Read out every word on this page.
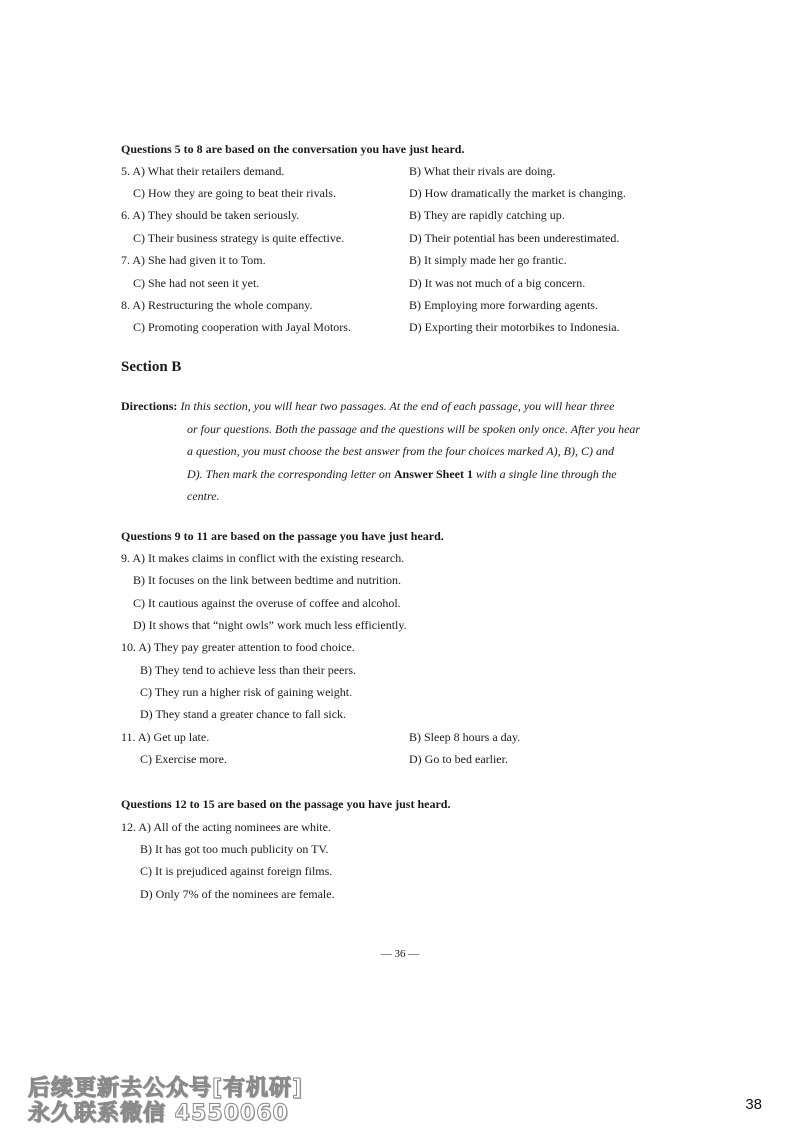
Questions 5 to 8 are based on the conversation you have just heard.
5. A) What their retailers demand.	B) What their rivals are doing.
C) How they are going to beat their rivals.	D) How dramatically the market is changing.
6. A) They should be taken seriously.	B) They are rapidly catching up.
C) Their business strategy is quite effective.	D) Their potential has been underestimated.
7. A) She had given it to Tom.	B) It simply made her go frantic.
C) She had not seen it yet.	D) It was not much of a big concern.
8. A) Restructuring the whole company.	B) Employing more forwarding agents.
C) Promoting cooperation with Jayal Motors.	D) Exporting their motorbikes to Indonesia.
Section B
Directions: In this section, you will hear two passages. At the end of each passage, you will hear three
or four questions. Both the passage and the questions will be spoken only once. After you hear
a question, you must choose the best answer from the four choices marked A), B), C) and
D). Then mark the corresponding letter on Answer Sheet 1 with a single line through the
centre.
Questions 9 to 11 are based on the passage you have just heard.
9. A) It makes claims in conflict with the existing research.
B) It focuses on the link between bedtime and nutrition.
C) It cautious against the overuse of coffee and alcohol.
D) It shows that “night owls” work much less efficiently.
10. A) They pay greater attention to food choice.
B) They tend to achieve less than their peers.
C) They run a higher risk of gaining weight.
D) They stand a greater chance to fall sick.
11. A) Get up late.	B) Sleep 8 hours a day.
C) Exercise more.	D) Go to bed earlier.
Questions 12 to 15 are based on the passage you have just heard.
12. A) All of the acting nominees are white.
B) It has got too much publicity on TV.
C) It is prejudiced against foreign films.
D) Only 7% of the nominees are female.
— 36 —
后续更新去公众号[有机研]
永久联系微信 4550060	38
